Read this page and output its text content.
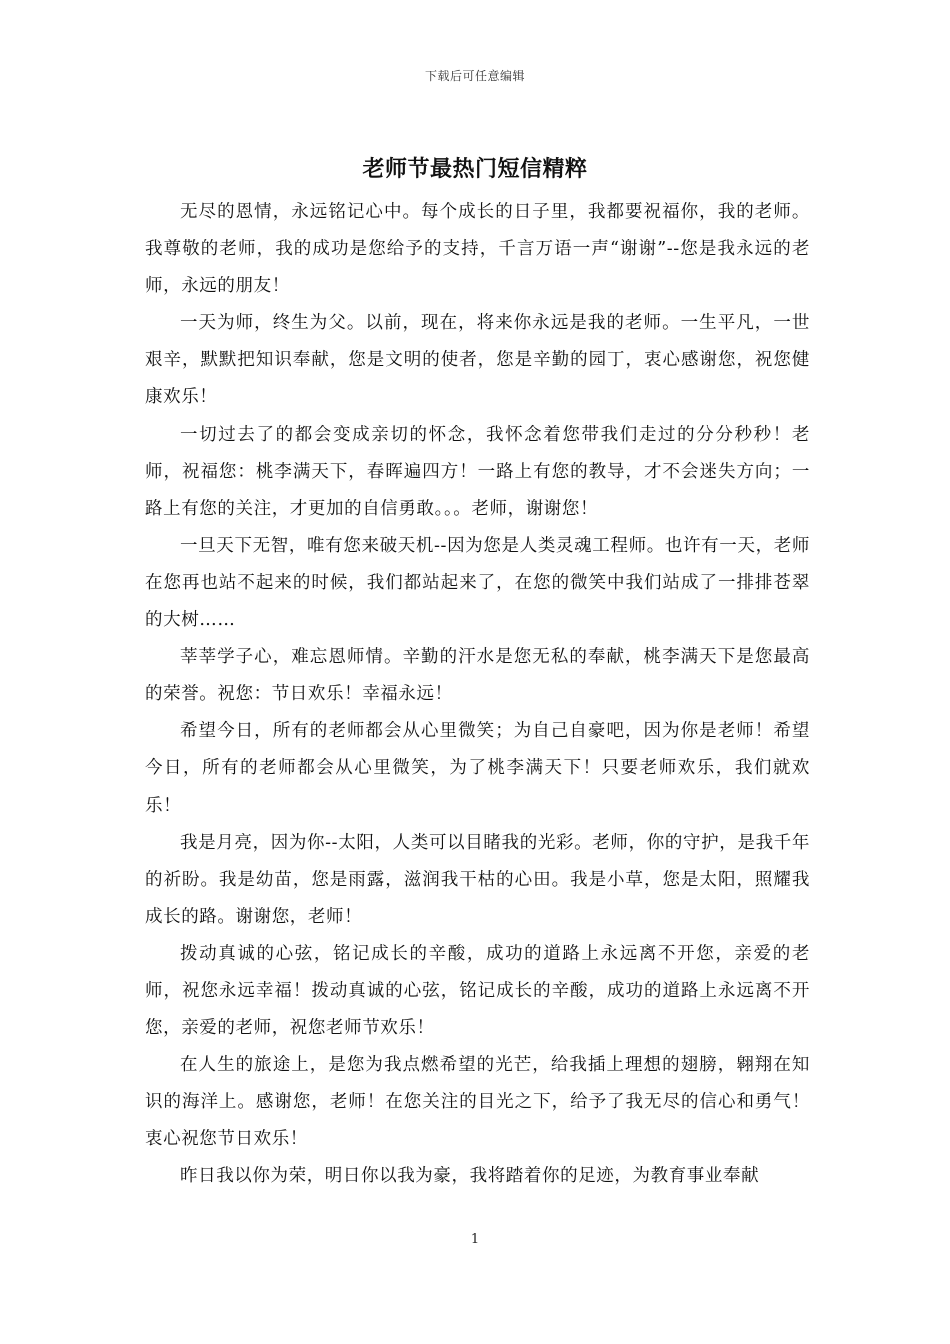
下载后可任意编辑
老师节最热门短信精粹

无尽的恩情，永远铭记心中。每个成长的日子里，我都要祝福你，我的老师。我尊敬的老师，我的成功是您给予的支持，千言万语一声“谢谢”--您是我永远的老师，永远的朋友！

一天为师，终生为父。以前，现在，将来你永远是我的老师。一生平凡，一世艰辛，默默把知识奉献，您是文明的使者，您是辛勤的园丁，衷心感谢您，祝您健康欢乐！

一切过去了的都会变成亲切的怀念，我怀念着您带我们走过的分分秒秒！老师，祝福您：桃李满天下，春晖遍四方！一路上有您的教导，才不会迷失方向；一路上有您的关注，才更加的自信勇敢。。。老师，谢谢您！

一旦天下无智，唯有您来破天机--因为您是人类灵魂工程师。也许有一天，老师在您再也站不起来的时候，我们都站起来了，在您的微笑中我们站成了一排排苍翠的大树……

莘莘学子心，难忘恩师情。辛勤的汗水是您无私的奉献，桃李满天下是您最高的荣誉。祝您：节日欢乐！幸福永远！

希望今日，所有的老师都会从心里微笑；为自己自豪吧，因为你是老师！希望今日，所有的老师都会从心里微笑，为了桃李满天下！只要老师欢乐，我们就欢乐！

我是月亮，因为你--太阳，人类可以目睹我的光彩。老师，你的守护，是我千年的祈盼。我是幼苗，您是雨露，滋润我干枯的心田。我是小草，您是太阳，照耀我成长的路。谢谢您，老师！

拨动真诚的心弦，铭记成长的辛酸，成功的道路上永远离不开您，亲爱的老师，祝您永远幸福！拨动真诚的心弦，铭记成长的辛酸，成功的道路上永远离不开您，亲爱的老师，祝您老师节欢乐！

在人生的旅途上，是您为我点燃希望的光芒，给我插上理想的翅膀，翱翔在知识的海洋上。感谢您，老师！在您关注的目光之下，给予了我无尽的信心和勇气！衷心祝您节日欢乐！

昨日我以你为荣，明日你以我为豪，我将踏着你的足迹，为教育事业奉献

1
